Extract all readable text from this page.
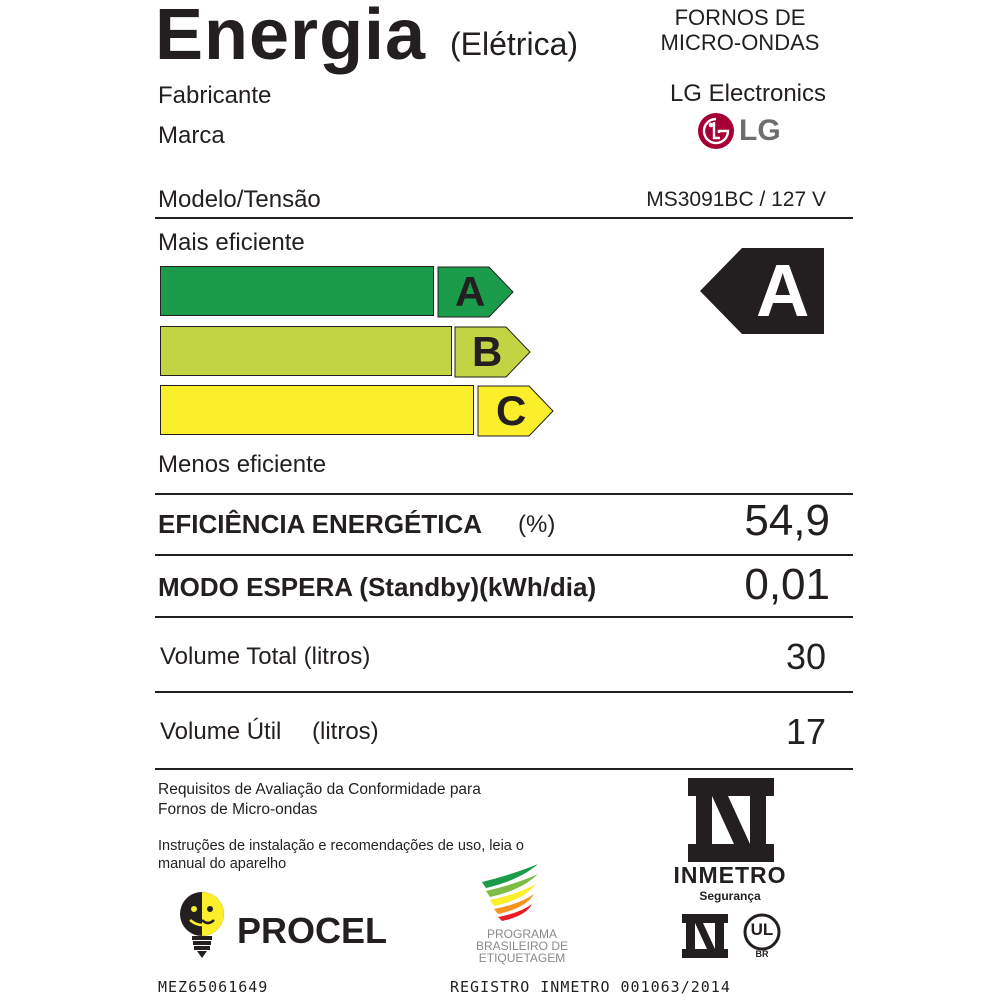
Energia (Elétrica)
FORNOS DE
MICRO-ONDAS
Fabricante	LG Electronics
Marca	LG
Modelo/Tensão	MS3091BC / 127 V
Mais eficiente
A
B
C
A
Menos eficiente
EFICIÊNCIA ENERGÉTICA (%)	54,9
MODO ESPERA (Standby)(kWh/dia)	0,01
Volume Total (litros)	30
Volume Útil (litros)	17
Requisitos de Avaliação da Conformidade para
Fornos de Micro-ondas
Instruções de instalação e recomendações de uso, leia o
manual do aparelho
PROCEL	PROGRAMA
BRASILEIRO DE
ETIQUETAGEM
INMETRO
Segurança
UL
BR
MEZ65061649	REGISTRO INMETRO 001063/2014
